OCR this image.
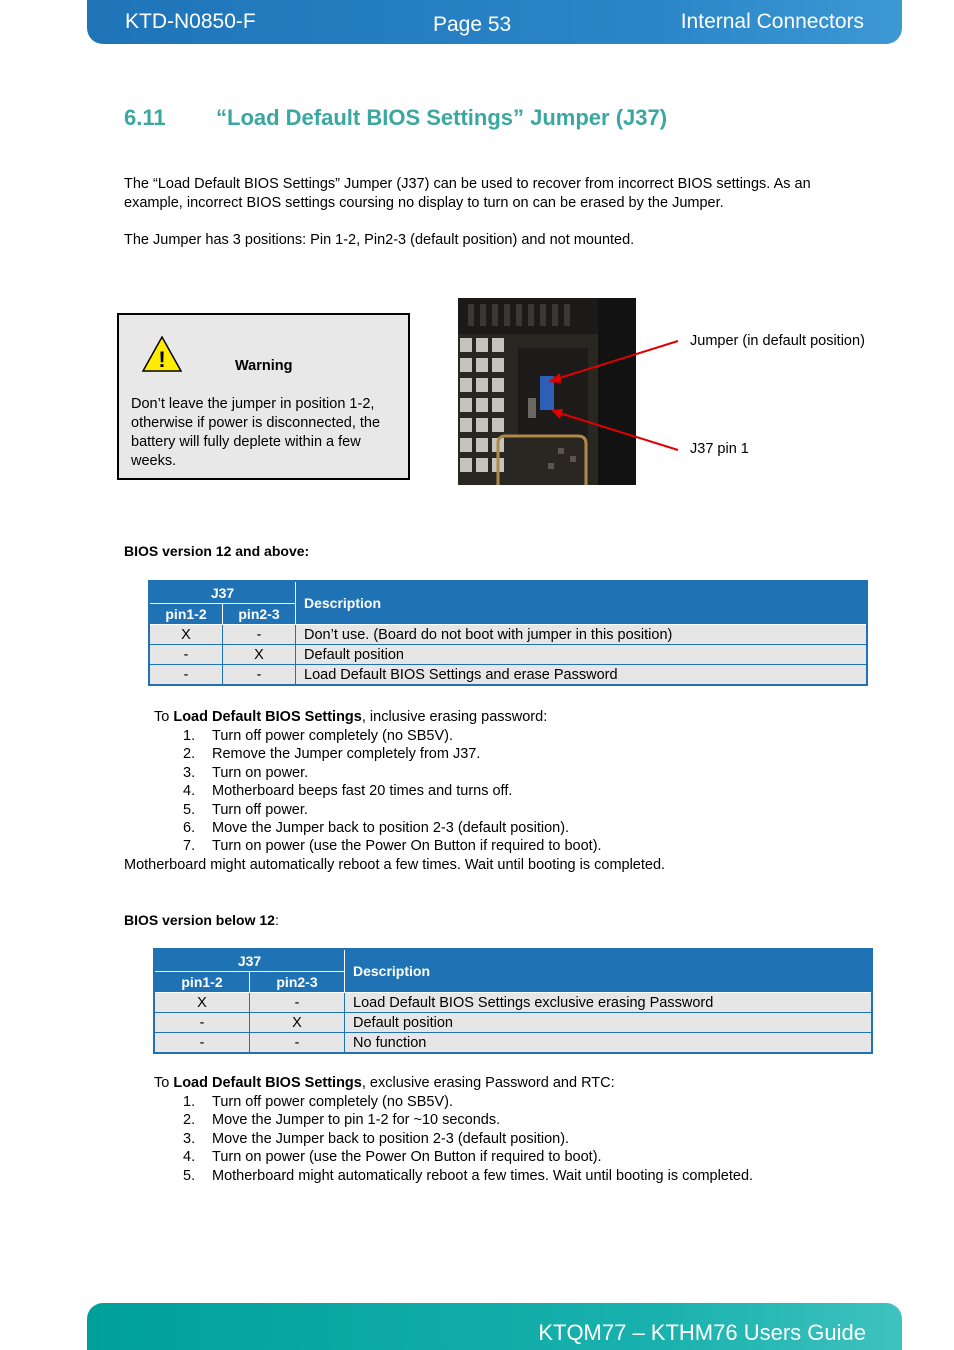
KTD-N0850-F	Page 53	Internal Connectors
6.11 “Load Default BIOS Settings” Jumper (J37)
The “Load Default BIOS Settings” Jumper (J37) can be used to recover from incorrect BIOS settings. As an example, incorrect BIOS settings coursing no display to turn on can be erased by the Jumper.
The Jumper has 3 positions: Pin 1-2, Pin2-3 (default position) and not mounted.
!	Warning
Don’t leave the jumper in position 1-2, otherwise if power is disconnected, the battery will fully deplete within a few weeks.
Jumper (in default position)
J37 pin 1
BIOS version 12 and above:
J37		Description
pin1-2	pin2-3	
X	-	Don’t use. (Board do not boot with jumper in this position)
-	X	Default position
-	-	Load Default BIOS Settings and erase Password
To Load Default BIOS Settings, inclusive erasing password:
1. Turn off power completely (no SB5V).
2. Remove the Jumper completely from J37.
3. Turn on power.
4. Motherboard beeps fast 20 times and turns off.
5. Turn off power.
6. Move the Jumper back to position 2-3 (default position).
7. Turn on power (use the Power On Button if required to boot).
Motherboard might automatically reboot a few times. Wait until booting is completed.
BIOS version below 12:
J37		Description
pin1-2	pin2-3	
X	-	Load Default BIOS Settings exclusive erasing Password
-	X	Default position
-	-	No function
To Load Default BIOS Settings, exclusive erasing Password and RTC:
1. Turn off power completely (no SB5V).
2. Move the Jumper to pin 1-2 for ~10 seconds.
3. Move the Jumper back to position 2-3 (default position).
4. Turn on power (use the Power On Button if required to boot).
5. Motherboard might automatically reboot a few times. Wait until booting is completed.
KTQM77 – KTHM76 Users Guide
